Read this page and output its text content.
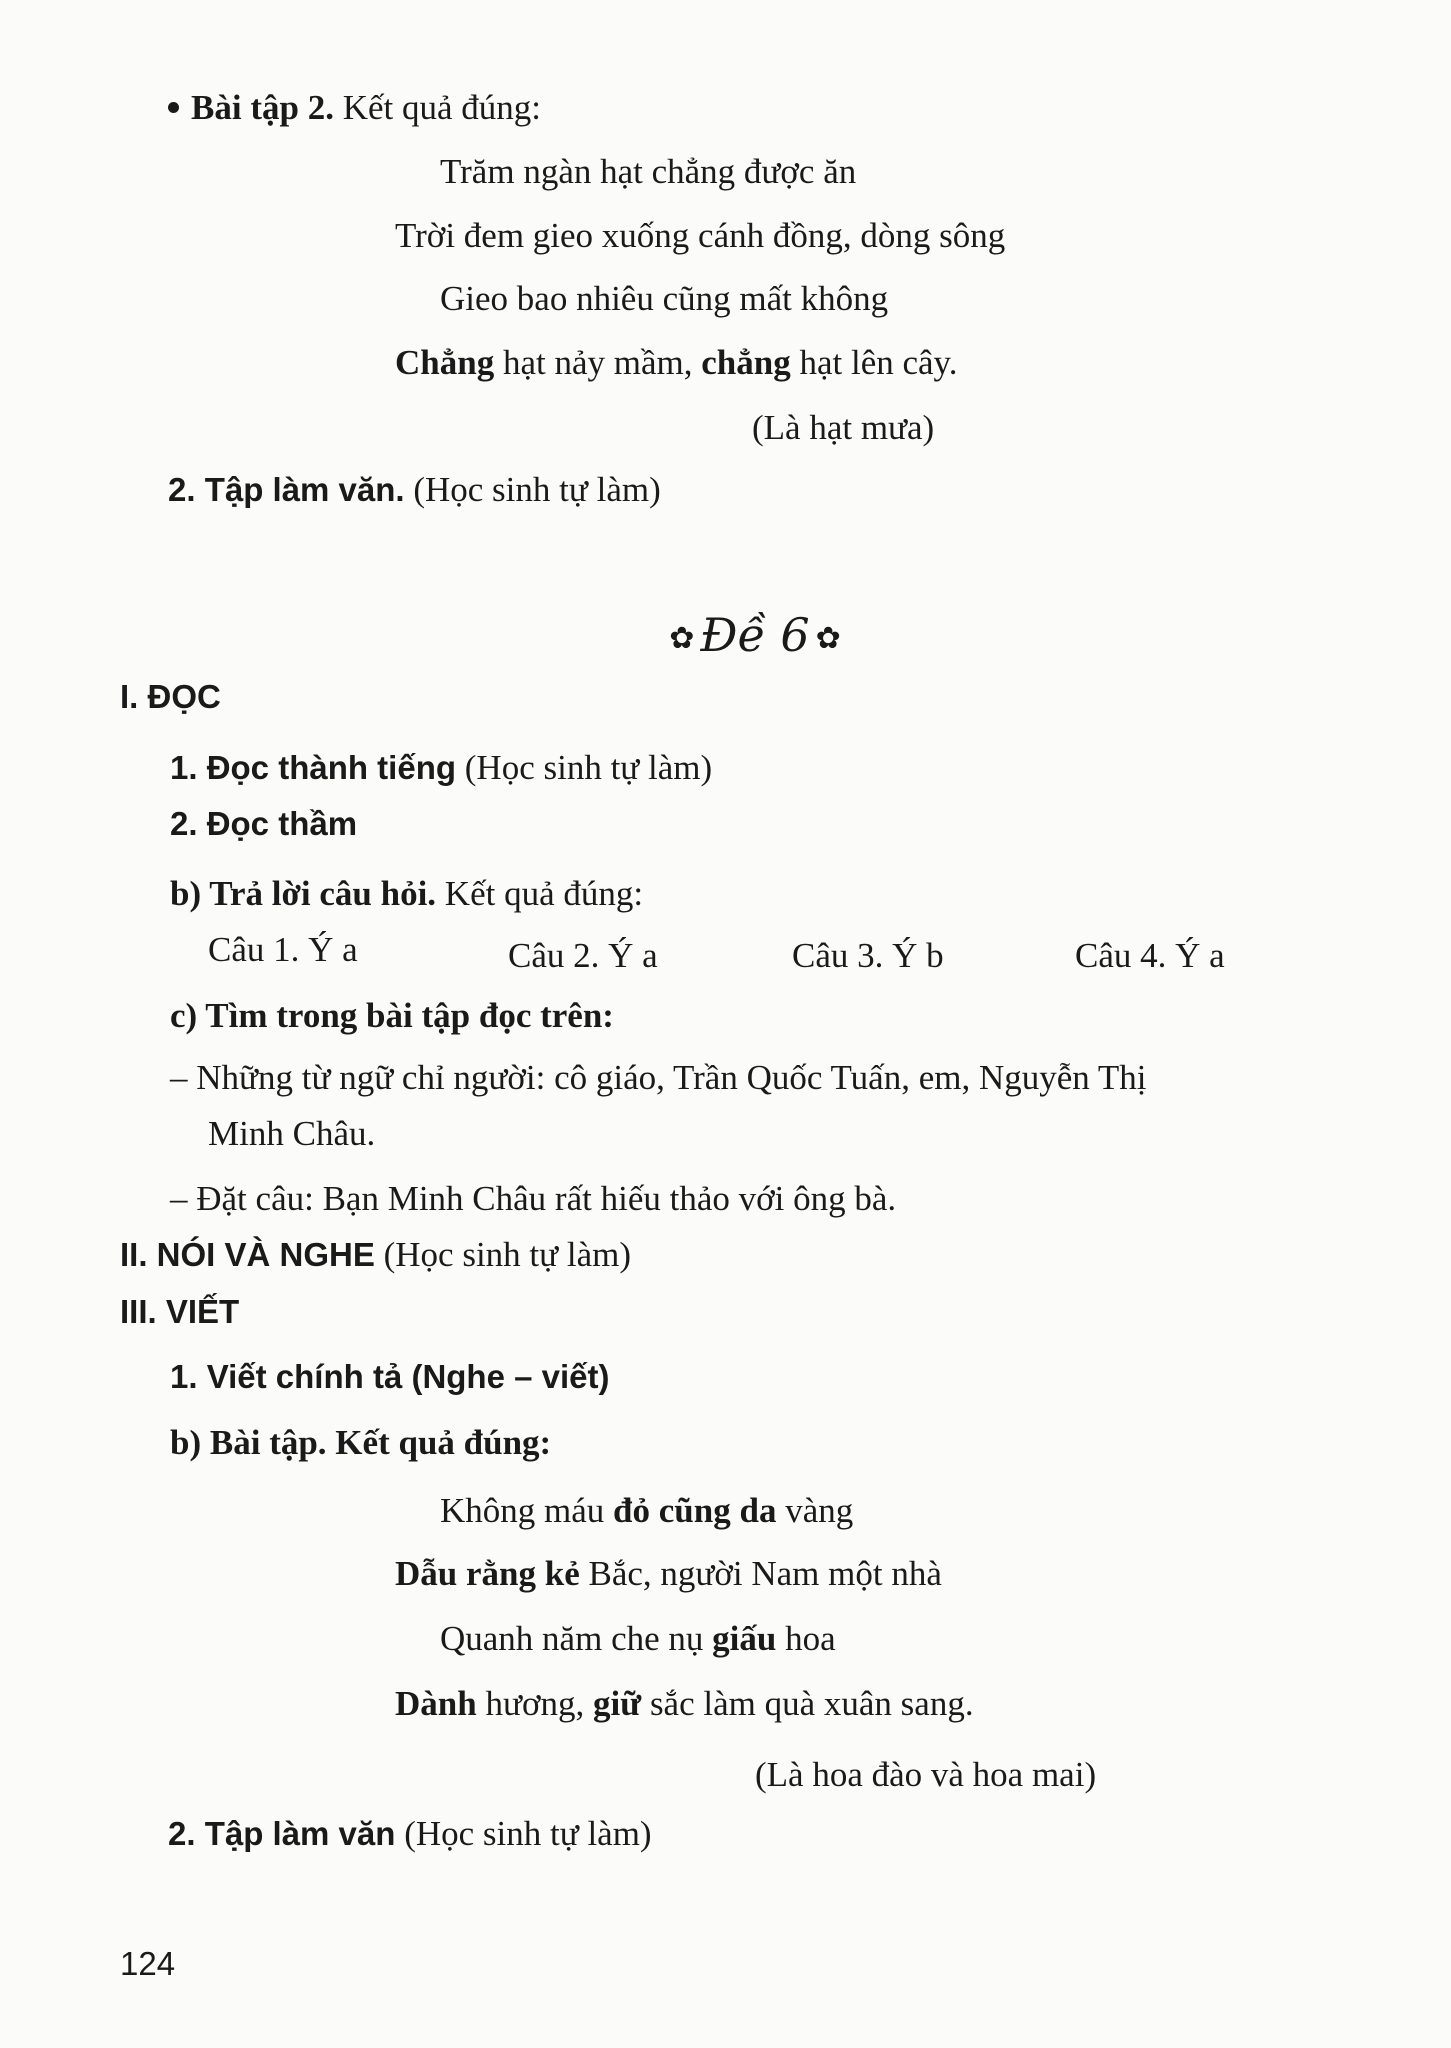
Bài tập 2. Kết quả đúng:
Trăm ngàn hạt chẳng được ăn
Trời đem gieo xuống cánh đồng, dòng sông
Gieo bao nhiêu cũng mất không
Chẳng hạt nảy mầm, chẳng hạt lên cây.
(Là hạt mưa)
2. Tập làm văn. (Học sinh tự làm)
✿ Đề 6 ✿
I. ĐỌC
1. Đọc thành tiếng (Học sinh tự làm)
2. Đọc thầm
b) Trả lời câu hỏi. Kết quả đúng:
Câu 1. Ý a	Câu 2. Ý a	Câu 3. Ý b	Câu 4. Ý a
c) Tìm trong bài tập đọc trên:
– Những từ ngữ chỉ người: cô giáo, Trần Quốc Tuấn, em, Nguyễn Thị
Minh Châu.
– Đặt câu: Bạn Minh Châu rất hiếu thảo với ông bà.
II. NÓI VÀ NGHE (Học sinh tự làm)
III. VIẾT
1. Viết chính tả (Nghe – viết)
b) Bài tập. Kết quả đúng:
Không máu đỏ cũng da vàng
Dẫu rằng kẻ Bắc, người Nam một nhà
Quanh năm che nụ giấu hoa
Dành hương, giữ sắc làm quà xuân sang.
(Là hoa đào và hoa mai)
2. Tập làm văn (Học sinh tự làm)
124
